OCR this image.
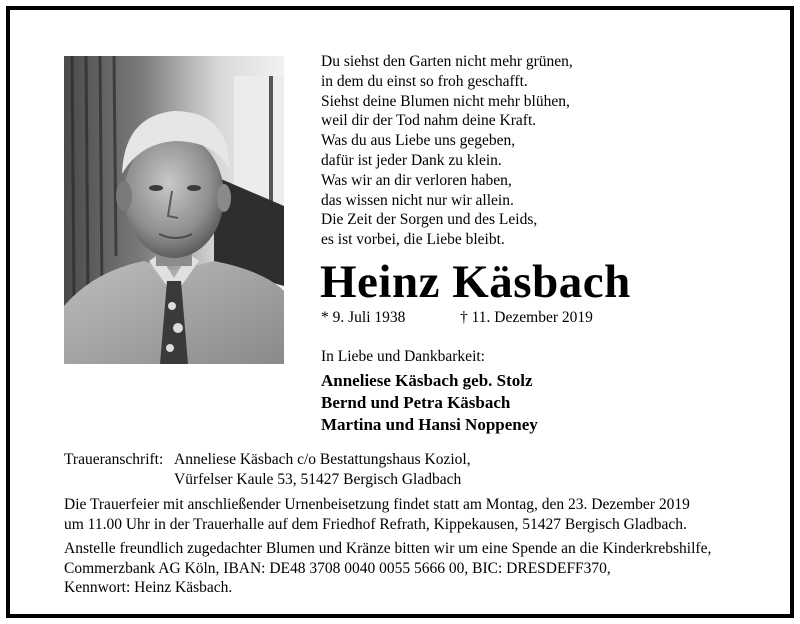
Du siehst den Garten nicht mehr grünen,
in dem du einst so froh geschafft.
Siehst deine Blumen nicht mehr blühen,
weil dir der Tod nahm deine Kraft.
Was du aus Liebe uns gegeben,
dafür ist jeder Dank zu klein.
Was wir an dir verloren haben,
das wissen nicht nur wir allein.
Die Zeit der Sorgen und des Leids,
es ist vorbei, die Liebe bleibt.
Heinz Käsbach
* 9. Juli 1938	† 11. Dezember 2019
In Liebe und Dankbarkeit:
Anneliese Käsbach geb. Stolz
Bernd und Petra Käsbach
Martina und Hansi Noppeney
Traueranschrift: Anneliese Käsbach c/o Bestattungshaus Koziol,
Vürfelser Kaule 53, 51427 Bergisch Gladbach
Die Trauerfeier mit anschließender Urnenbeisetzung findet statt am Montag, den 23. Dezember 2019
um 11.00 Uhr in der Trauerhalle auf dem Friedhof Refrath, Kippekausen, 51427 Bergisch Gladbach.
Anstelle freundlich zugedachter Blumen und Kränze bitten wir um eine Spende an die Kinderkrebshilfe,
Commerzbank AG Köln, IBAN: DE48 3708 0040 0055 5666 00, BIC: DRESDEFF370,
Kennwort: Heinz Käsbach.
